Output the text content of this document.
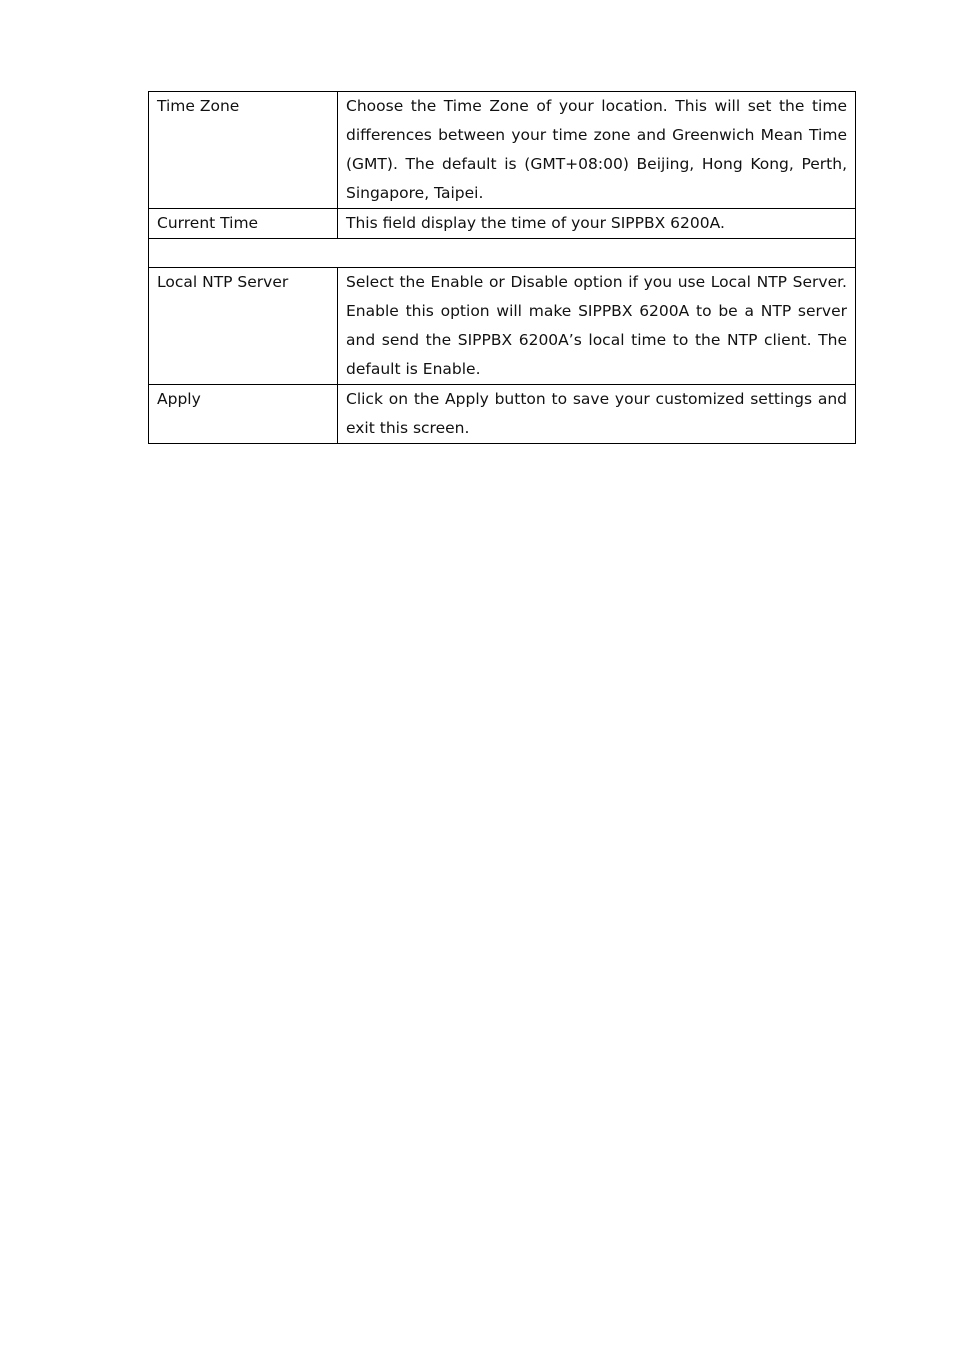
Time Zone	Choose the Time Zone of your location. This will set the time differences between your time zone and Greenwich Mean Time (GMT). The default is (GMT+08:00) Beijing, Hong Kong, Perth, Singapore, Taipei.
Current Time	This field display the time of your SIPPBX 6200A.

Local NTP Server	Select the Enable or Disable option if you use Local NTP Server. Enable this option will make SIPPBX 6200A to be a NTP server and send the SIPPBX 6200A’s local time to the NTP client. The default is Enable.
Apply	Click on the Apply button to save your customized settings and exit this screen.
